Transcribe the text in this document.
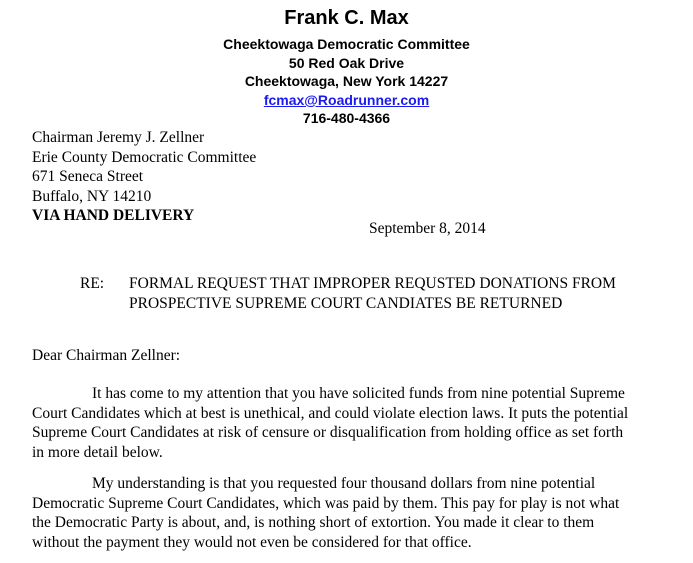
Frank C. Max
Cheektowaga Democratic Committee
50 Red Oak Drive
Cheektowaga, New York 14227
fcmax@Roadrunner.com
716-480-4366
Chairman Jeremy J. Zellner
Erie County Democratic Committee
671 Seneca Street
Buffalo, NY 14210
VIA HAND DELIVERY
September 8, 2014
RE: FORMAL REQUEST THAT IMPROPER REQUSTED DONATIONS FROM
PROSPECTIVE SUPREME COURT CANDIATES BE RETURNED
Dear Chairman Zellner:
It has come to my attention that you have solicited funds from nine potential Supreme
Court Candidates which at best is unethical, and could violate election laws. It puts the potential
Supreme Court Candidates at risk of censure or disqualification from holding office as set forth
in more detail below.
My understanding is that you requested four thousand dollars from nine potential
Democratic Supreme Court Candidates, which was paid by them. This pay for play is not what
the Democratic Party is about, and, is nothing short of extortion. You made it clear to them
without the payment they would not even be considered for that office.
